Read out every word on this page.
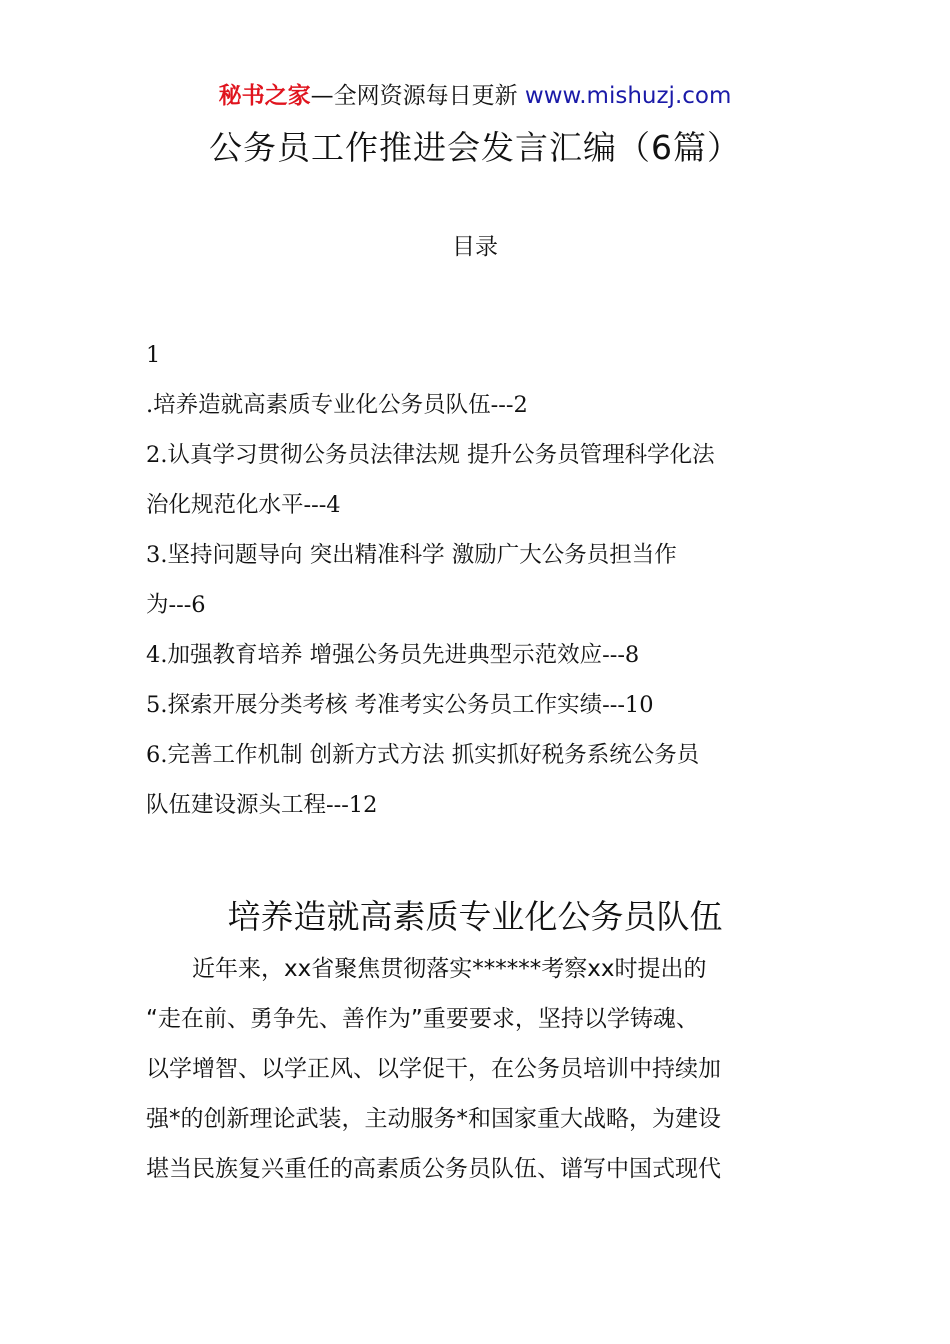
秘书之家—全网资源每日更新 www.mishuzj.com
公务员工作推进会发言汇编（6篇）
目录
1
.培养造就高素质专业化公务员队伍---2
2.认真学习贯彻公务员法律法规 提升公务员管理科学化法
治化规范化水平---4
3.坚持问题导向 突出精准科学 激励广大公务员担当作
为---6
4.加强教育培养 增强公务员先进典型示范效应---8
5.探索开展分类考核 考准考实公务员工作实绩---10
6.完善工作机制 创新方式方法 抓实抓好税务系统公务员
队伍建设源头工程---12
培养造就高素质专业化公务员队伍
　　近年来，xx省聚焦贯彻落实******考察xx时提出的
“走在前、勇争先、善作为”重要要求，坚持以学铸魂、
以学增智、以学正风、以学促干，在公务员培训中持续加
强*的创新理论武装，主动服务*和国家重大战略，为建设
堪当民族复兴重任的高素质公务员队伍、谱写中国式现代
